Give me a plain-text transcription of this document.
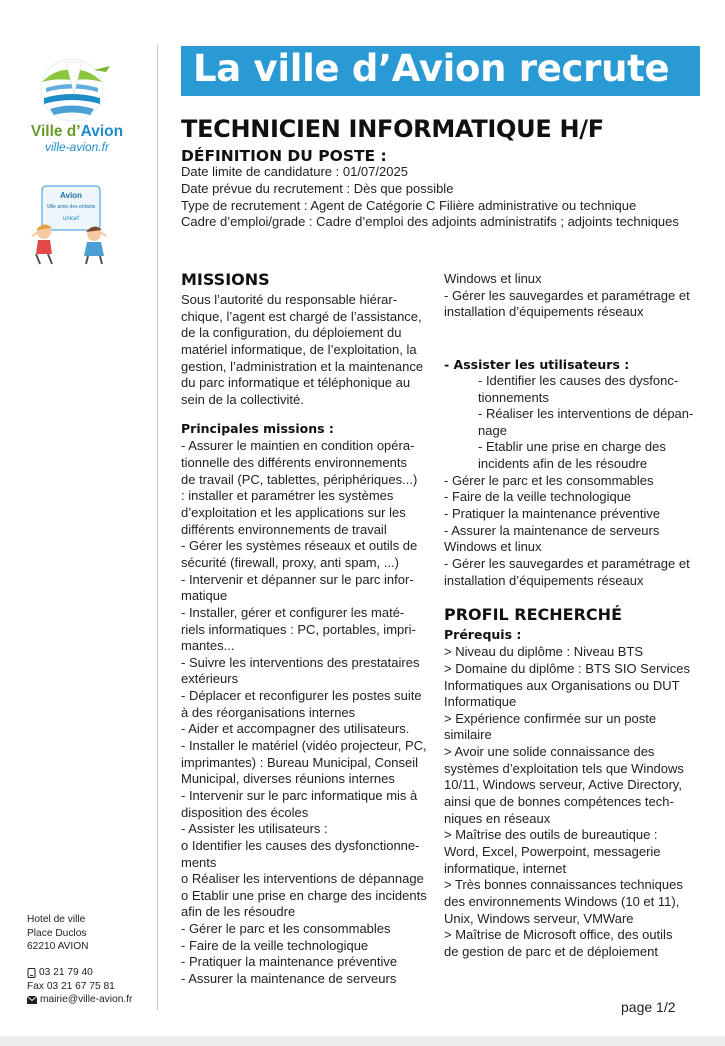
Ville d’Avion
ville-avion.fr
Avion
Ville amie des enfants
unicef
Hotel de ville
Place Duclos
62210 AVION
03 21 79 40
Fax 03 21 67 75 81
mairie@ville-avion.fr
La ville d’Avion recrute
TECHNICIEN INFORMATIQUE H/F
DÉFINITION DU POSTE :
Date limite de candidature : 01/07/2025
Date prévue du recrutement : Dès que possible
Type de recrutement : Agent de Catégorie C Filière administrative ou technique
Cadre d’emploi/grade : Cadre d’emploi des adjoints administratifs ; adjoints techniques
MISSIONS
Sous l’autorité du responsable hiérar-
chique, l’agent est chargé de l’assistance,
de la configuration, du déploiement du
matériel informatique, de l’exploitation, la
gestion, l’administration et la maintenance
du parc informatique et téléphonique au
sein de la collectivité.
Principales missions :
- Assurer le maintien en condition opéra-
tionnelle des différents environnements
de travail (PC, tablettes, périphériques...)
: installer et paramétrer les systèmes
d’exploitation et les applications sur les
différents environnements de travail
- Gérer les systèmes réseaux et outils de
sécurité (firewall, proxy, anti spam, ...)
- Intervenir et dépanner sur le parc infor-
matique
- Installer, gérer et configurer les maté-
riels informatiques : PC, portables, impri-
mantes...
- Suivre les interventions des prestataires
extérieurs
- Déplacer et reconfigurer les postes suite
à des réorganisations internes
- Aider et accompagner des utilisateurs.
- Installer le matériel (vidéo projecteur, PC,
imprimantes) : Bureau Municipal, Conseil
Municipal, diverses réunions internes
- Intervenir sur le parc informatique mis à
disposition des écoles
- Assister les utilisateurs :
o Identifier les causes des dysfonctionne-
ments
o Réaliser les interventions de dépannage
o Etablir une prise en charge des incidents
afin de les résoudre
- Gérer le parc et les consommables
- Faire de la veille technologique
- Pratiquer la maintenance préventive
- Assurer la maintenance de serveurs
Windows et linux
- Gérer les sauvegardes et paramétrage et
installation d’équipements réseaux
- Assister les utilisateurs :
- Identifier les causes des dysfonc-
tionnements
- Réaliser les interventions de dépan-
nage
- Etablir une prise en charge des
incidents afin de les résoudre
- Gérer le parc et les consommables
- Faire de la veille technologique
- Pratiquer la maintenance préventive
- Assurer la maintenance de serveurs
Windows et linux
- Gérer les sauvegardes et paramétrage et
installation d’équipements réseaux
PROFIL RECHERCHÉ
Prérequis :
> Niveau du diplôme : Niveau BTS
> Domaine du diplôme : BTS SIO Services
Informatiques aux Organisations ou DUT
Informatique
> Expérience confirmée sur un poste
similaire
> Avoir une solide connaissance des
systèmes d’exploitation tels que Windows
10/11, Windows serveur, Active Directory,
ainsi que de bonnes compétences tech-
niques en réseaux
> Maîtrise des outils de bureautique :
Word, Excel, Powerpoint, messagerie
informatique, internet
> Très bonnes connaissances techniques
des environnements Windows (10 et 11),
Unix, Windows serveur, VMWare
> Maîtrise de Microsoft office, des outils
de gestion de parc et de déploiement
page 1/2
